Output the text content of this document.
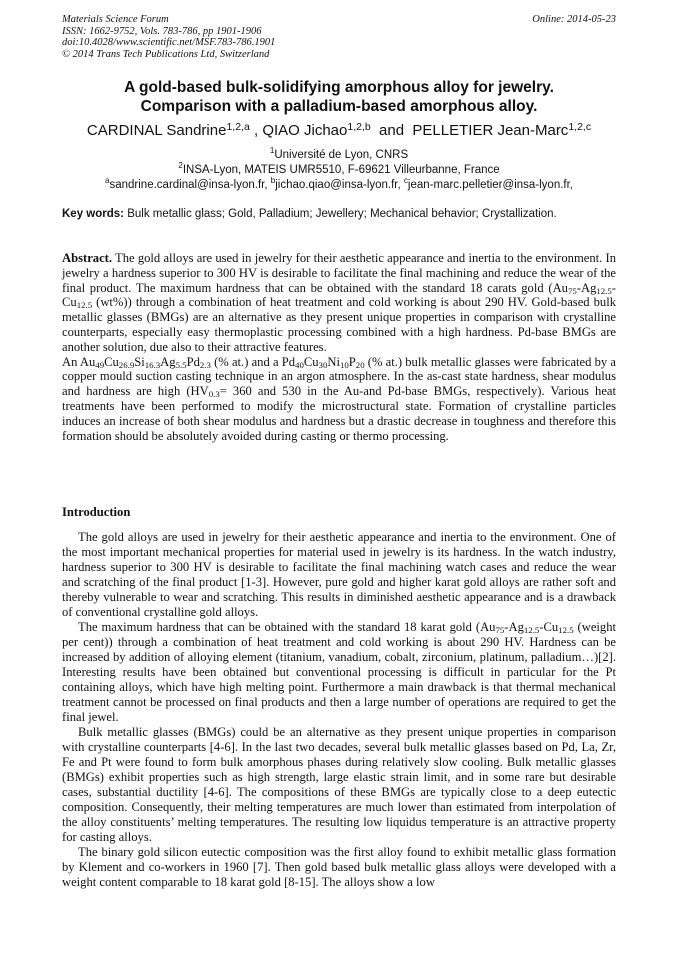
Materials Science Forum
ISSN: 1662-9752, Vols. 783-786, pp 1901-1906
doi:10.4028/www.scientific.net/MSF.783-786.1901
© 2014 Trans Tech Publications Ltd, Switzerland
Online: 2014-05-23
A gold-based bulk-solidifying amorphous alloy for jewelry.
Comparison with a palladium-based amorphous alloy.
CARDINAL Sandrine$^{1,2,a}$ , QIAO Jichao$^{1,2,b}$  and  PELLETIER Jean-Marc$^{1,2,c}$
$^1$Université de Lyon, CNRS
$^2$INSA-Lyon, MATEIS UMR5510, F-69621 Villeurbanne, France
$^a$sandrine.cardinal@insa-lyon.fr, $^b$jichao.qiao@insa-lyon.fr, $^c$jean-marc.pelletier@insa-lyon.fr,
Key words: Bulk metallic glass; Gold, Palladium; Jewellery; Mechanical behavior; Crystallization.

Abstract. The gold alloys are used in jewelry for their aesthetic appearance and inertia to the environment. In jewelry a hardness superior to 300 HV is desirable to facilitate the final machining and reduce the wear of the final product. The maximum hardness that can be obtained with the standard 18 carats gold ($Au_{75}-Ag_{12.5}-Cu_{12.5}$ (wt%)) through a combination of heat treatment and cold working is about 290 HV. Gold-based bulk metallic glasses (BMGs) are an alternative as they present unique properties in comparison with crystalline counterparts, especially easy thermoplastic processing combined with a high hardness. Pd-base BMGs are another solution, due also to their attractive features.

An $Au_{49}Cu_{26.9}Si_{16.3}Ag_{5.5}Pd_{2.3}$ (% at.) and a $Pd_{40}Cu_{30}Ni_{10}P_{20}$ (% at.) bulk metallic glasses were fabricated by a copper mould suction casting technique in an argon atmosphere. In the as-cast state hardness, shear modulus and hardness are high ($HV_{0.3}= 360$ and 530 in the Au-and Pd-base BMGs, respectively). Various heat treatments have been performed to modify the microstructural state. Formation of crystalline particles induces an increase of both shear modulus and hardness but a drastic decrease in toughness and therefore this formation should be absolutely avoided during casting or thermo processing.

Introduction

The gold alloys are used in jewelry for their aesthetic appearance and inertia to the environment. One of the most important mechanical properties for material used in jewelry is its hardness. In the watch industry, hardness superior to 300 HV is desirable to facilitate the final machining watch cases and reduce the wear and scratching of the final product [1-3]. However, pure gold and higher karat gold alloys are rather soft and thereby vulnerable to wear and scratching. This results in diminished aesthetic appearance and is a drawback of conventional crystalline gold alloys.

The maximum hardness that can be obtained with the standard 18 karat gold ($Au_{75}-Ag_{12.5}-Cu_{12.5}$ (weight per cent)) through a combination of heat treatment and cold working is about 290 HV. Hardness can be increased by addition of alloying element (titanium, vanadium, cobalt, zirconium, platinum, palladium…)[2]. Interesting results have been obtained but conventional processing is difficult in particular for the Pt containing alloys, which have high melting point. Furthermore a main drawback is that thermal mechanical treatment cannot be processed on final products and then a large number of operations are required to get the final jewel.

Bulk metallic glasses (BMGs) could be an alternative as they present unique properties in comparison with crystalline counterparts [4-6]. In the last two decades, several bulk metallic glasses based on Pd, La, Zr, Fe and Pt were found to form bulk amorphous phases during relatively slow cooling. Bulk metallic glasses (BMGs) exhibit properties such as high strength, large elastic strain limit, and in some rare but desirable cases, substantial ductility [4-6]. The compositions of these BMGs are typically close to a deep eutectic composition. Consequently, their melting temperatures are much lower than estimated from interpolation of the alloy constituents’ melting temperatures. The resulting low liquidus temperature is an attractive property for casting alloys.

The binary gold silicon eutectic composition was the first alloy found to exhibit metallic glass formation by Klement and co-workers in 1960 [7]. Then gold based bulk metallic glass alloys were developed with a weight content comparable to 18 karat gold [8-15]. The alloys show a low
